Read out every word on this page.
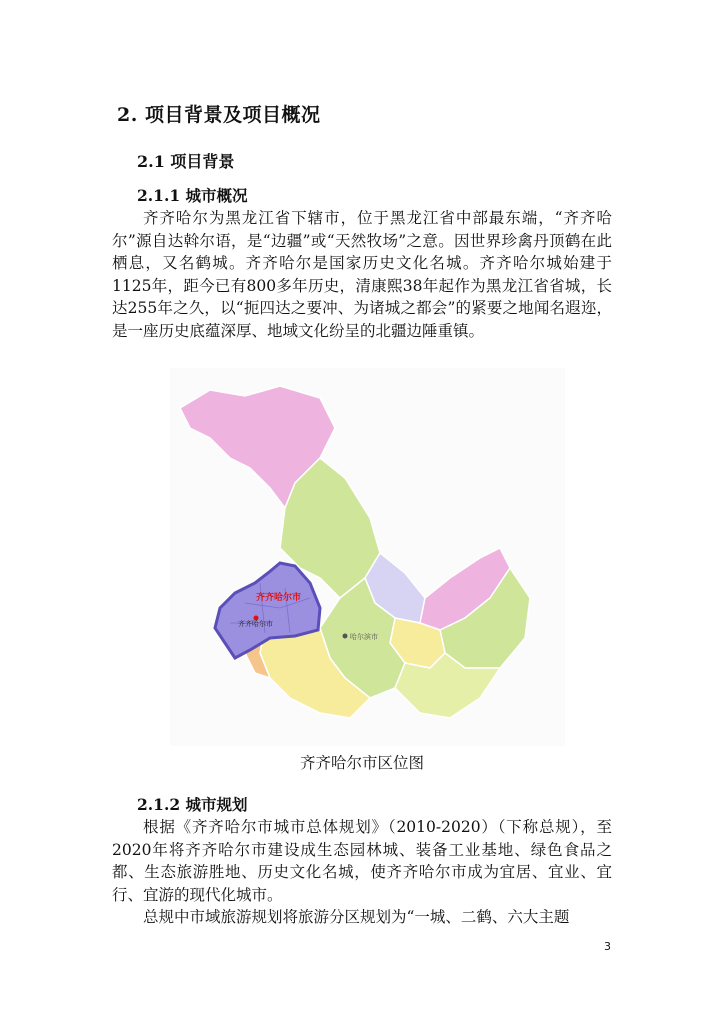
2. 项目背景及项目概况
2.1 项目背景
2.1.1 城市概况
齐齐哈尔为黑龙江省下辖市，位于黑龙江省中部最东端，“齐齐哈尔”源自达斡尔语，是“边疆”或“天然牧场”之意。因世界珍禽丹顶鹤在此栖息，又名鹤城。齐齐哈尔是国家历史文化名城。齐齐哈尔城始建于1125年，距今已有800多年历史，清康熙38年起作为黑龙江省省城，长达255年之久，以“扼四达之要冲、为诸城之都会”的紧要之地闻名遐迩，是一座历史底蕴深厚、地域文化纷呈的北疆边陲重镇。
哈尔滨市
齐齐哈尔市
齐齐哈尔市
齐齐哈尔市区位图
2.1.2 城市规划
根据《齐齐哈尔市城市总体规划》（2010-2020）（下称总规），至2020年将齐齐哈尔市建设成生态园林城、装备工业基地、绿色食品之都、生态旅游胜地、历史文化名城，使齐齐哈尔市成为宜居、宜业、宜行、宜游的现代化城市。
总规中市域旅游规划将旅游分区规划为“一城、二鹤、六大主题
3
